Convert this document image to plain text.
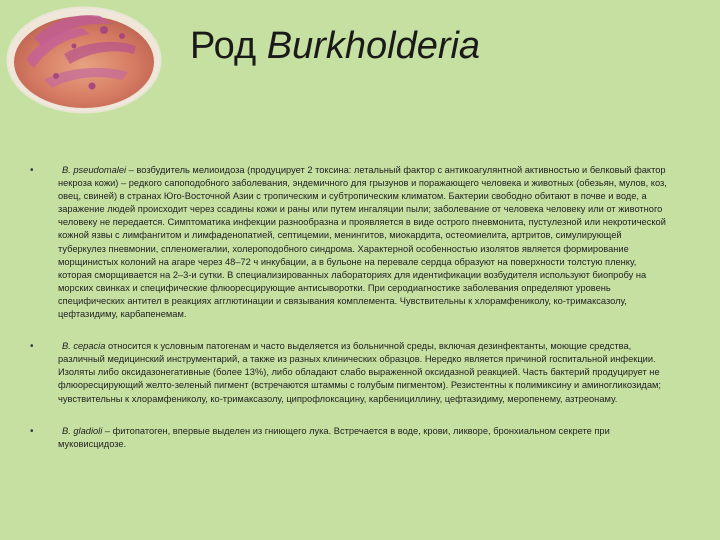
Род Burkholderia
•	B. pseudomalei – возбудитель мелиоидоза (продуцирует 2 токсина: летальный фактор с антикоагулянтной активностью и белковый фактор некроза кожи) – редкого сапоподобного заболевания, эндемичного для грызунов и поражающего человека и животных (обезьян, мулов, коз, овец, свиней) в странах Юго-Восточной Азии с тропическим и субтропическим климатом. Бактерии свободно обитают в почве и воде, а заражение людей происходит через ссадины кожи и раны или путем ингаляции пыли; заболевание от человека человеку или от животного человеку не передается. Симптоматика инфекции разнообразна и проявляется в виде острого пневмонита, пустулезной или некротической кожной язвы с лимфангитом и лимфаденопатией, септицемии, менингитов, миокардита, остеомиелита, артритов, симулирующей туберкулез пневмонии, спленомегалии, холероподобного синдрома. Характерной особенностью изолятов является формирование морщинистых колоний на агаре через 48–72 ч инкубации, а в бульоне на перевале сердца образуют на поверхности толстую пленку, которая сморщивается на 2–3-и сутки. В специализированных лабораториях для идентификации возбудителя используют биопробу на морских свинках и специфические флюоресцирующие антисыворотки. При серодиагностике заболевания определяют уровень специфических антител в реакциях агглютинации и связывания комплемента. Чувствительны к хлорамфениколу, ко-тримаксазолу, цефтазидиму, карбапенемам.
•	B. cepacia относится к условным патогенам и часто выделяется из больничной среды, включая дезинфектанты, моющие средства, различный медицинский инструментарий, а также из разных клинических образцов. Нередко является причиной госпитальной инфекции. Изоляты либо оксидазонегативные (более 13%), либо обладают слабо выраженной оксидазной реакцией. Часть бактерий продуцирует не флюоресцирующий желто-зеленый пигмент (встречаются штаммы с голубым пигментом). Резистентны к полимиксину и аминогликозидам; чувствительны к хлорамфениколу, ко-тримаксазолу, ципрофлоксацину, карбенициллину, цефтазидиму, меропенему, азтреонаму.
•	B. gladioli – фитопатоген, впервые выделен из гниющего лука. Встречается в воде, крови, ликворе, бронхиальном секрете при муковисцидозе.
